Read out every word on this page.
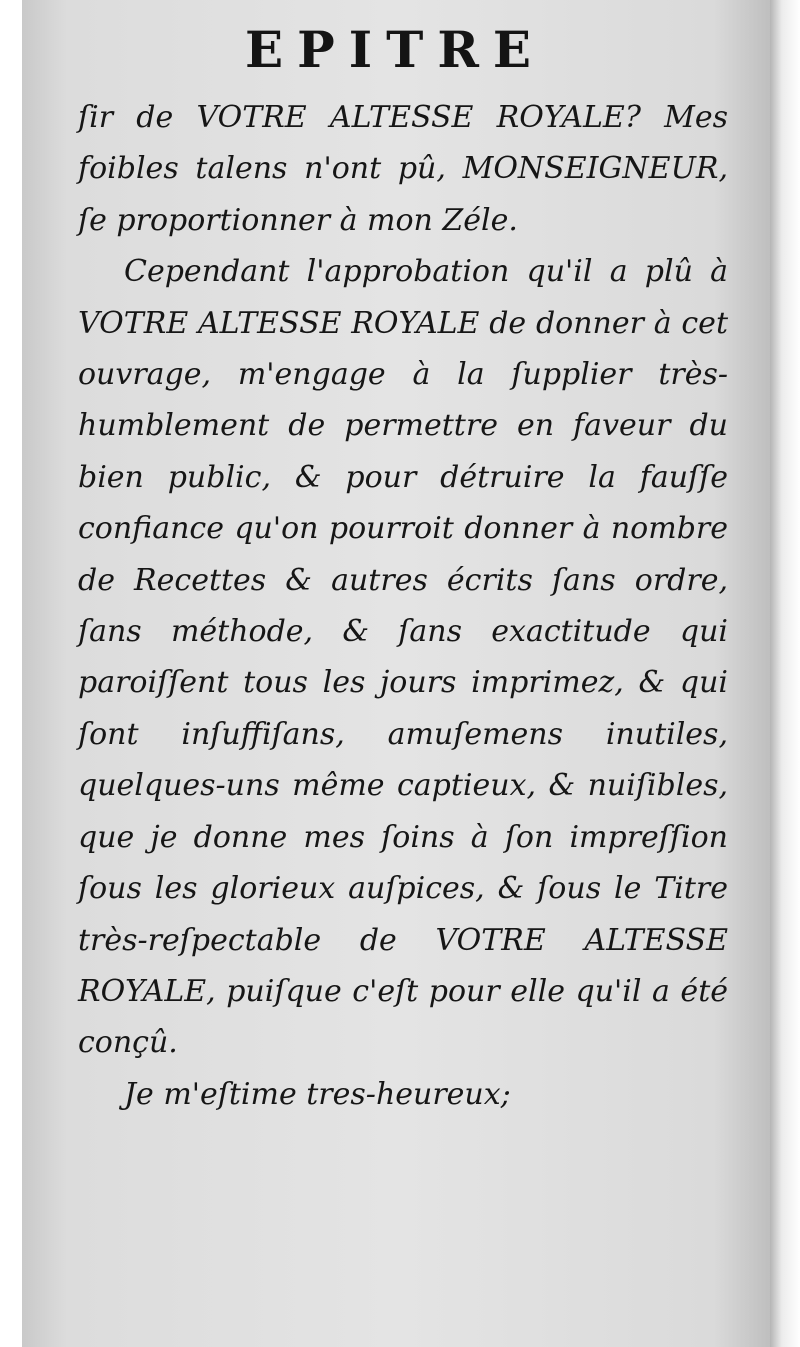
EPITRE

ſir de VOTRE ALTESSE ROYALE? Mes foibles talens n'ont pû, MONSEIGNEUR, ſe proportionner à mon Zéle.

Cependant l'approbation qu'il a plû à VOTRE ALTESSE ROYALE de donner à cet ouvrage, m'engage à la ſupplier très-humblement de permettre en faveur du bien public, & pour détruire la fauſſe confiance qu'on pourroit donner à nombre de Recettes & autres écrits ſans ordre, ſans méthode, & ſans exactitude qui paroiſſent tous les jours imprimez, & qui ſont inſuffiſans, amuſemens inutiles, quelques-uns même captieux, & nuiſibles, que je donne mes ſoins à ſon impreſſion ſous les glorieux auſpices, & ſous le Titre très-reſpectable de VOTRE ALTESSE ROYALE, puiſque c'eſt pour elle qu'il a été conçû.

Je m'eſtime tres-heureux;
